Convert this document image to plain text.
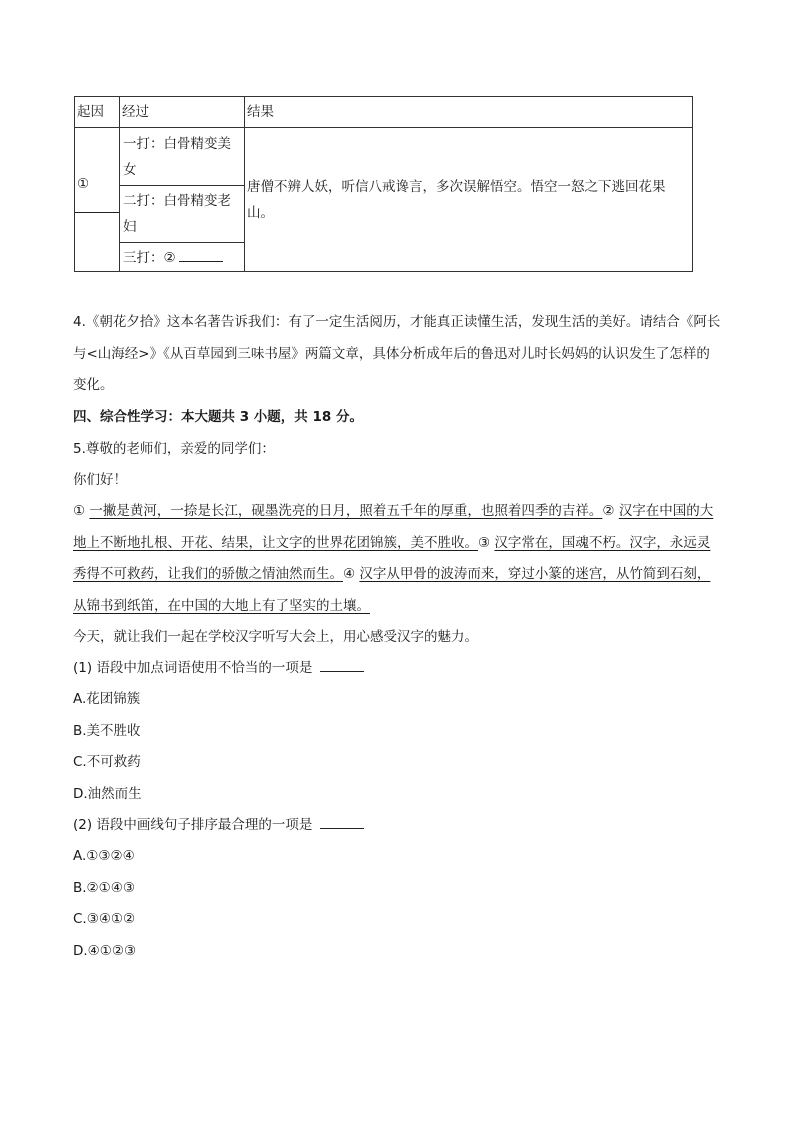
起因	经过	结果

①	一打：白骨精变美女
二打：白骨精变老妇
三打：②	唐僧不辨人妖，听信八戒谗言，多次误解悟空。悟空一怒之下逃回花果山。

4.《朝花夕拾》这本名著告诉我们：有了一定生活阅历，才能真正读懂生活，发现生活的美好。请结合《阿长与<山海经>》《从百草园到三味书屋》两篇文章，具体分析成年后的鲁迅对儿时长妈妈的认识发生了怎样的变化。

四、综合性学习：本大题共 3 小题，共 18 分。

5.尊敬的老师们，亲爱的同学们：

你们好！

① 一撇是黄河，一捺是长江，砚墨洗亮的日月，照着五千年的厚重，也照着四季的吉祥。② 汉字在中国的大地上不断地扎根、开花、结果，让文字的世界花团锦簇，美不胜收。③ 汉字常在，国魂不朽。汉字，永远灵秀得不可救药，让我们的骄傲之情油然而生。④ 汉字从甲骨的波涛而来，穿过小篆的迷宫，从竹简到石刻，从锦书到纸笛，在中国的大地上有了坚实的土壤。

今天，就让我们一起在学校汉字听写大会上，用心感受汉字的魅力。

(1) 语段中加点词语使用不恰当的一项是

A.花团锦簇
B.美不胜收
C.不可救药
D.油然而生

(2) 语段中画线句子排序最合理的一项是

A.①③②④
B.②①④③
C.③④①②
D.④①②③
